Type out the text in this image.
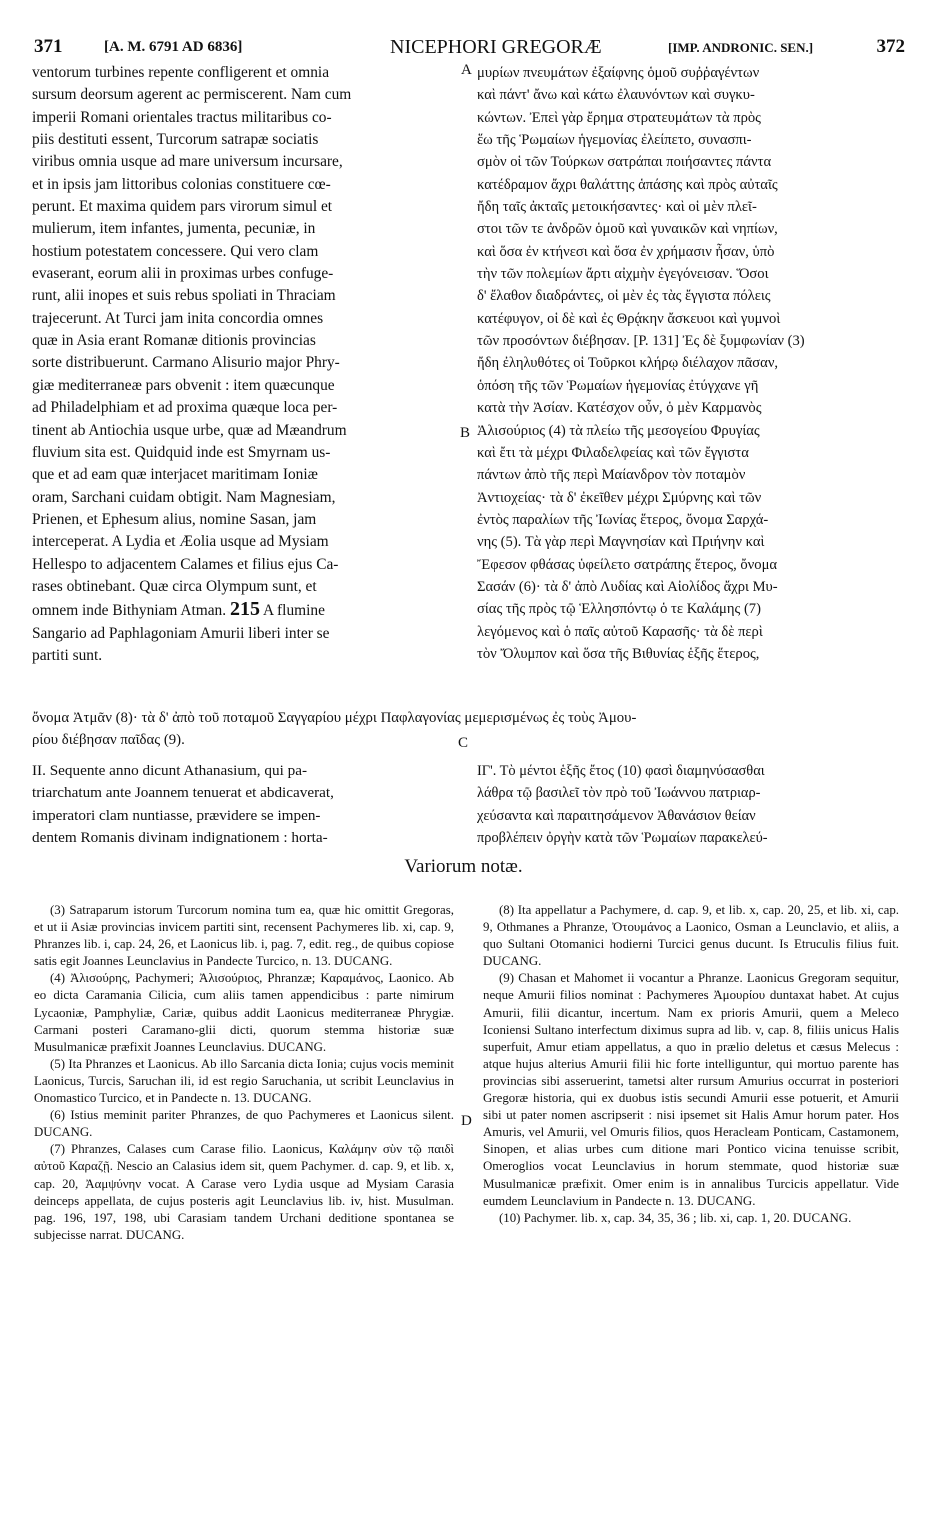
371	[A. M. 6791 AD 6836]	NICEPHORI GREGORÆ	[IMP. ANDRONIC. SEN.]	372
ventorum turbines repente confligerent et omnia
sursum deorsum agerent ac permiscerent. Nam cum
imperii Romani orientales tractus militaribus co-
piis destituti essent, Turcorum satrapæ sociatis
viribus omnia usque ad mare universum incursare,
et in ipsis jam littoribus colonias constituere cœ-
perunt. Et maxima quidem pars virorum simul et
mulierum, item infantes, jumenta, pecuniæ, in
hostium potestatem concessere. Qui vero clam
evaserant, eorum alii in proximas urbes confuge-
runt, alii inopes et suis rebus spoliati in Thraciam
trajecerunt. At Turci jam inita concordia omnes
quæ in Asia erant Romanæ ditionis provincias
sorte distribuerunt. Carmano Alisurio major Phry-
giæ mediterraneæ pars obvenit : item quæcunque
ad Philadelphiam et ad proxima quæque loca per-
tinent ab Antiochia usque urbe, quæ ad Mæandrum
fluvium sita est. Quidquid inde est Smyrnam us-
que et ad eam quæ interjacet maritimam Ioniæ
oram, Sarchani cuidam obtigit. Nam Magnesiam,
Prienen, et Ephesum alius, nomine Sasan, jam
interceperat. A Lydia et Æolia usque ad Mysiam
Hellespo to adjacentem Calames et filius ejus Ca-
rases obtinebant. Quæ circa Olympum sunt, et
omnem inde Bithyniam Atman. 215 A flumine
Sangario ad Paphlagoniam Amurii liberi inter se
partiti sunt.
μυρίων πνευμάτων ἐξαίφνης ὁμοῦ συῤῥαγέντων
καὶ πάντ' ἄνω καὶ κάτω ἐλαυνόντων καὶ συγκυ-
κώντων. Ἐπεὶ γὰρ ἔρημα στρατευμάτων τὰ πρὸς
ἕω τῆς Ῥωμαίων ἡγεμονίας ἐλείπετο, συνασπι-
σμὸν οἱ τῶν Τούρκων σατράπαι ποιήσαντες πάντα
κατέδραμον ἄχρι θαλάττης ἁπάσης καὶ πρὸς αὐταῖς
ἤδη ταῖς ἀκταῖς μετοικήσαντες· καὶ οἱ μὲν πλεῖ-
στοι τῶν τε ἀνδρῶν ὁμοῦ καὶ γυναικῶν καὶ νηπίων,
καὶ ὅσα ἐν κτήνεσι καὶ ὅσα ἐν χρήμασιν ἦσαν, ὑπὸ
τὴν τῶν πολεμίων ἄρτι αἰχμὴν ἐγεγόνεισαν. Ὅσοι
δ' ἔλαθον διαδράντες, οἱ μὲν ἐς τὰς ἔγγιστα πόλεις
κατέφυγον, οἱ δὲ καὶ ἐς Θρᾴκην ἄσκευοι καὶ γυμνοὶ
τῶν προσόντων διέβησαν. [P. 131] Ἐς δὲ ξυμφωνίαν (3)
ἤδη ἐληλυθότες οἱ Τοῦρκοι κλήρῳ διέλαχον πᾶσαν,
ὁπόση τῆς τῶν Ῥωμαίων ἡγεμονίας ἐτύγχανε γῆ
κατὰ τὴν Ἀσίαν. Κατέσχον οὖν, ὁ μὲν Καρμανὸς
Ἀλισούριος (4) τὰ πλείω τῆς μεσογείου Φρυγίας
καὶ ἔτι τὰ μέχρι Φιλαδελφείας καὶ τῶν ἔγγιστα
πάντων ἀπὸ τῆς περὶ Μαίανδρον τὸν ποταμὸν
Ἀντιοχείας· τὰ δ' ἐκεῖθεν μέχρι Σμύρνης καὶ τῶν
ἐντὸς παραλίων τῆς Ἰωνίας ἕτερος, ὄνομα Σαρχά-
νης (5). Τὰ γὰρ περὶ Μαγνησίαν καὶ Πριήνην καὶ
Ἔφεσον φθάσας ὑφείλετο σατράπης ἕτερος, ὄνομα
Σασάν (6)· τὰ δ' ἀπὸ Λυδίας καὶ Αἰολίδος ἄχρι Μυ-
σίας τῆς πρὸς τῷ Ἑλλησπόντῳ ὁ τε Καλάμης (7)
λεγόμενος καὶ ὁ παῖς αὐτοῦ Καρασῆς· τὰ δὲ περὶ
τὸν Ὄλυμπον καὶ ὅσα τῆς Βιθυνίας ἑξῆς ἕτερος,
A
B
C
D
ὄνομα Ἀτμᾶν (8)· τὰ δ' ἀπὸ τοῦ ποταμοῦ Σαγγαρίου μέχρι Παφλαγονίας μεμερισμένως ἐς τοὺς Ἀμου-
ρίου διέβησαν παῖδας (9).
II. Sequente anno dicunt Athanasium, qui pa-
triarchatum ante Joannem tenuerat et abdicaverat,
imperatori clam nuntiasse, prævidere se impen-
dentem Romanis divinam indignationem : horta-
ΙΓ'. Τὸ μέντοι ἑξῆς ἔτος (10) φασὶ διαμηνύσασθαι
λάθρα τῷ βασιλεῖ τὸν πρὸ τοῦ Ἰωάννου πατριαρ-
χεύσαντα καὶ παραιτησάμενον Ἀθανάσιον θείαν
προβλέπειν ὀργὴν κατὰ τῶν Ῥωμαίων παρακελεύ-
Variorum notæ.

(3) Satraparum istorum Turcorum nomina tum ea, quæ hic omittit Gregoras, et ut ii Asiæ provincias invicem partiti sint, recensent Pachymeres lib. xi, cap. 9, Phranzes lib. i, cap. 24, 26, et Laonicus lib. i, pag. 7, edit. reg., de quibus copiose satis egit Joannes Leunclavius in Pandecte Turcico, n. 13. DUCANG.

(4) Ἀλισούρης, Pachymeri; Ἀλισούριος, Phranzæ; Καραμάνος, Laonico. Ab eo dicta Caramania Cilicia, cum aliis tamen appendicibus : parte nimirum Lycaoniæ, Pamphyliæ, Cariæ, quibus addit Laonicus mediterraneæ Phrygiæ. Carmani posteri Caramano-glii dicti, quorum stemma historiæ suæ Musulmanicæ præfixit Joannes Leunclavius. DUCANG.

(5) Ita Phranzes et Laonicus. Ab illo Sarcania dicta Ionia; cujus vocis meminit Laonicus, Turcis, Saruchan ili, id est regio Saruchania, ut scribit Leunclavius in Onomastico Turcico, et in Pandecte n. 13. DUCANG.

(6) Istius meminit pariter Phranzes, de quo Pachymeres et Laonicus silent. DUCANG.

(7) Phranzes, Calases cum Carase filio. Laonicus, Καλάμην σὺν τῷ παιδὶ αὐτοῦ Καραζῇ. Nescio an Calasius idem sit, quem Pachymer. d. cap. 9, et lib. x, cap. 20, Ἀαμψύνην vocat. A Carase vero Lydia usque ad Mysiam Carasia deinceps appellata, de cujus posteris agit Leunclavius lib. iv, hist. Musulman. pag. 196, 197, 198, ubi Carasiam tandem Urchani deditione spontanea se subjecisse narrat. DUCANG.

(8) Ita appellatur a Pachymere, d. cap. 9, et lib. x, cap. 20, 25, et lib. xi, cap. 9, Othmanes a Phranze, Ὀτουμάνος a Laonico, Osman a Leunclavio, et aliis, a quo Sultani Otomanici hodierni Turcici genus ducunt. Is Etruculis filius fuit. DUCANG.

(9) Chasan et Mahomet ii vocantur a Phranze. Laonicus Gregoram sequitur, neque Amurii filios nominat : Pachymeres Ἀμουρίου duntaxat habet. At cujus Amurii, filii dicantur, incertum. Nam ex prioris Amurii, quem a Meleco Iconiensi Sultano interfectum diximus supra ad lib. v, cap. 8, filiis unicus Halis superfuit, Amur etiam appellatus, a quo in prælio deletus et cæsus Melecus : atque hujus alterius Amurii filii hic forte intelliguntur, qui mortuo parente has provincias sibi asseruerint, tametsi alter rursum Amurius occurrat in posteriori Gregoræ historia, qui ex duobus istis secundi Amurii esse potuerit, et Amurii sibi ut pater nomen ascripserit : nisi ipsemet sit Halis Amur horum pater. Hos Amuris, vel Amurii, vel Omuris filios, quos Heracleam Ponticam, Castamonem, Sinopen, et alias urbes cum ditione mari Pontico vicina tenuisse scribit, Omeroglios vocat Leunclavius in horum stemmate, quod historiæ suæ Musulmanicæ præfixit. Omer enim is in annalibus Turcicis appellatur. Vide eumdem Leunclavium in Pandecte n. 13. DUCANG.

(10) Pachymer. lib. x, cap. 34, 35, 36 ; lib. xi, cap. 1, 20. DUCANG.
